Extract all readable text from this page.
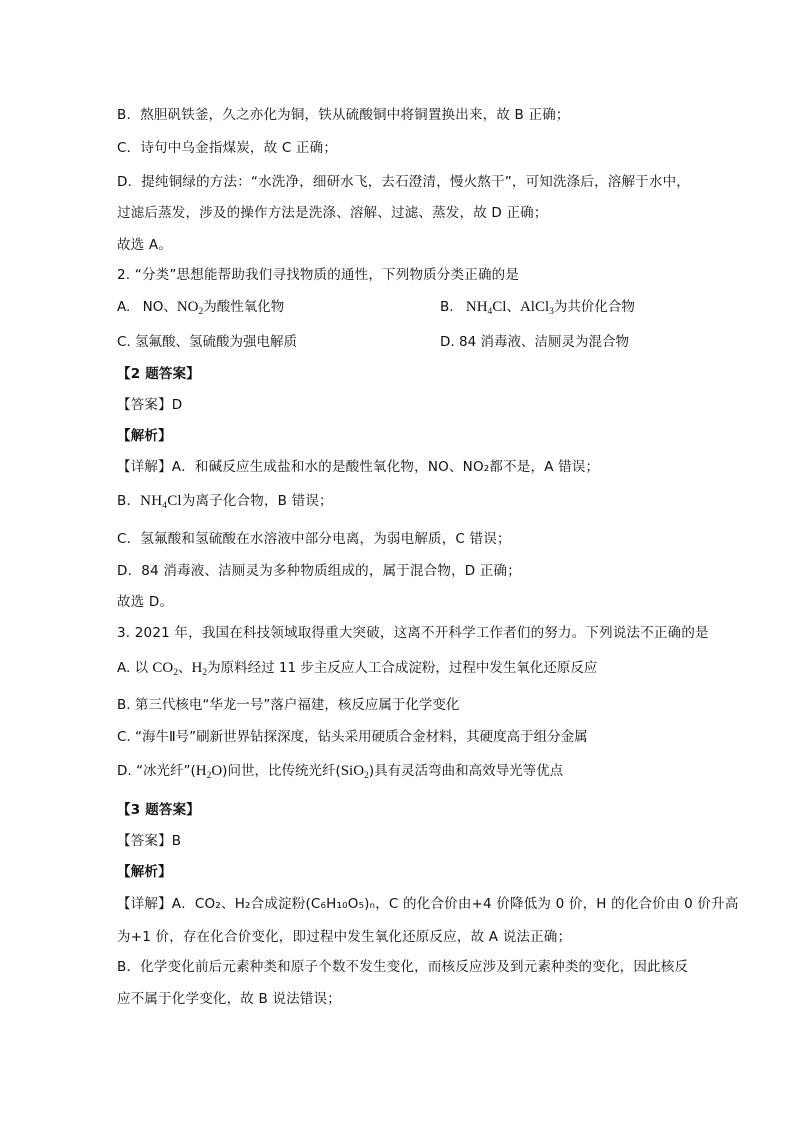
B．熬胆矾铁釜，久之亦化为铜，铁从硫酸铜中将铜置换出来，故 B 正确；
C．诗句中乌金指煤炭，故 C 正确；
D．提纯铜绿的方法：“水洗净，细研水飞，去石澄清，慢火熬干”，可知洗涤后，溶解于水中，
过滤后蒸发，涉及的操作方法是洗涤、溶解、过滤、蒸发，故 D 正确；
故选 A。
2. “分类”思想能帮助我们寻找物质的通性，下列物质分类正确的是
A. NO、$NO_2$为酸性氧化物	B. $NH_4Cl$、AlCl$_3$为共价化合物
C. 氢氟酸、氢硫酸为强电解质	D. 84 消毒液、洁厕灵为混合物
【2 题答案】
【答案】D
【解析】
【详解】A．和碱反应生成盐和水的是酸性氧化物，NO、NO₂都不是，A 错误；
B．$NH_4Cl$为离子化合物，B 错误；
C．氢氟酸和氢硫酸在水溶液中部分电离，为弱电解质，C 错误；
D．84 消毒液、洁厕灵为多种物质组成的，属于混合物，D 正确；
故选 D。
3. 2021 年，我国在科技领域取得重大突破，这离不开科学工作者们的努力。下列说法不正确的是
A. 以 $CO_2$、$H_2$为原料经过 11 步主反应人工合成淀粉，过程中发生氧化还原反应
B. 第三代核电“华龙一号”落户福建，核反应属于化学变化
C. “海牛Ⅱ号”刷新世界钻探深度，钻头采用硬质合金材料，其硬度高于组分金属
D. “冰光纤$”(H_2O)$问世，比传统光纤(SiO$_2$)具有灵活弯曲和高效导光等优点
【3 题答案】
【答案】B
【解析】
【详解】A．CO₂、H₂合成淀粉(C₆H₁₀O₅)ₙ，C 的化合价由+4 价降低为 0 价，H 的化合价由 0 价升高
为+1 价，存在化合价变化，即过程中发生氧化还原反应，故 A 说法正确；
B．化学变化前后元素种类和原子个数不发生变化，而核反应涉及到元素种类的变化，因此核反
应不属于化学变化，故 B 说法错误；
